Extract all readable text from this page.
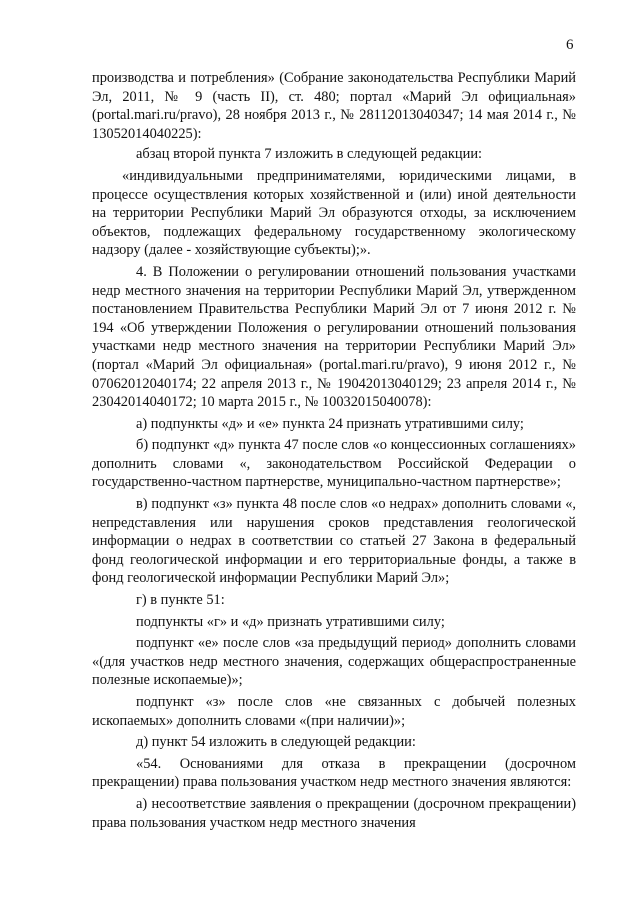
6

производства и потребления» (Собрание законодательства Республики Марий Эл, 2011, № 9 (часть II), ст. 480; портал «Марий Эл официальная» (portal.mari.ru/pravo), 28 ноября 2013 г., № 28112013040347; 14 мая 2014 г., № 13052014040225):

абзац второй пункта 7 изложить в следующей редакции:

«индивидуальными предпринимателями, юридическими лицами, в процессе осуществления которых хозяйственной и (или) иной деятельности на территории Республики Марий Эл образуются отходы, за исключением объектов, подлежащих федеральному государственному экологическому надзору (далее - хозяйствующие субъекты);».

4. В Положении о регулировании отношений пользования участками недр местного значения на территории Республики Марий Эл, утвержденном постановлением Правительства Республики Марий Эл от 7 июня 2012 г. № 194 «Об утверждении Положения о регулировании отношений пользования участками недр местного значения на территории Республики Марий Эл» (портал «Марий Эл официальная» (portal.mari.ru/pravo), 9 июня 2012 г., № 07062012040174; 22 апреля 2013 г., № 19042013040129; 23 апреля 2014 г., № 23042014040172; 10 марта 2015 г., № 10032015040078):

а) подпункты «д» и «е» пункта 24 признать утратившими силу;

б) подпункт «д» пункта 47 после слов «о концессионных соглашениях» дополнить словами «, законодательством Российской Федерации о государственно-частном партнерстве, муниципально-частном партнерстве»;

в) подпункт «з» пункта 48 после слов «о недрах» дополнить словами «, непредставления или нарушения сроков представления геологической информации о недрах в соответствии со статьей 27 Закона в федеральный фонд геологической информации и его территориальные фонды, а также в фонд геологической информации Республики Марий Эл»;

г) в пункте 51:

подпункты «г» и «д» признать утратившими силу;

подпункт «е» после слов «за предыдущий период» дополнить словами «(для участков недр местного значения, содержащих общераспространенные полезные ископаемые)»;

подпункт «з» после слов «не связанных с добычей полезных ископаемых» дополнить словами «(при наличии)»;

д) пункт 54 изложить в следующей редакции:

«54. Основаниями для отказа в прекращении (досрочном прекращении) права пользования участком недр местного значения являются:

а) несоответствие заявления о прекращении (досрочном прекращении) права пользования участком недр местного значения
